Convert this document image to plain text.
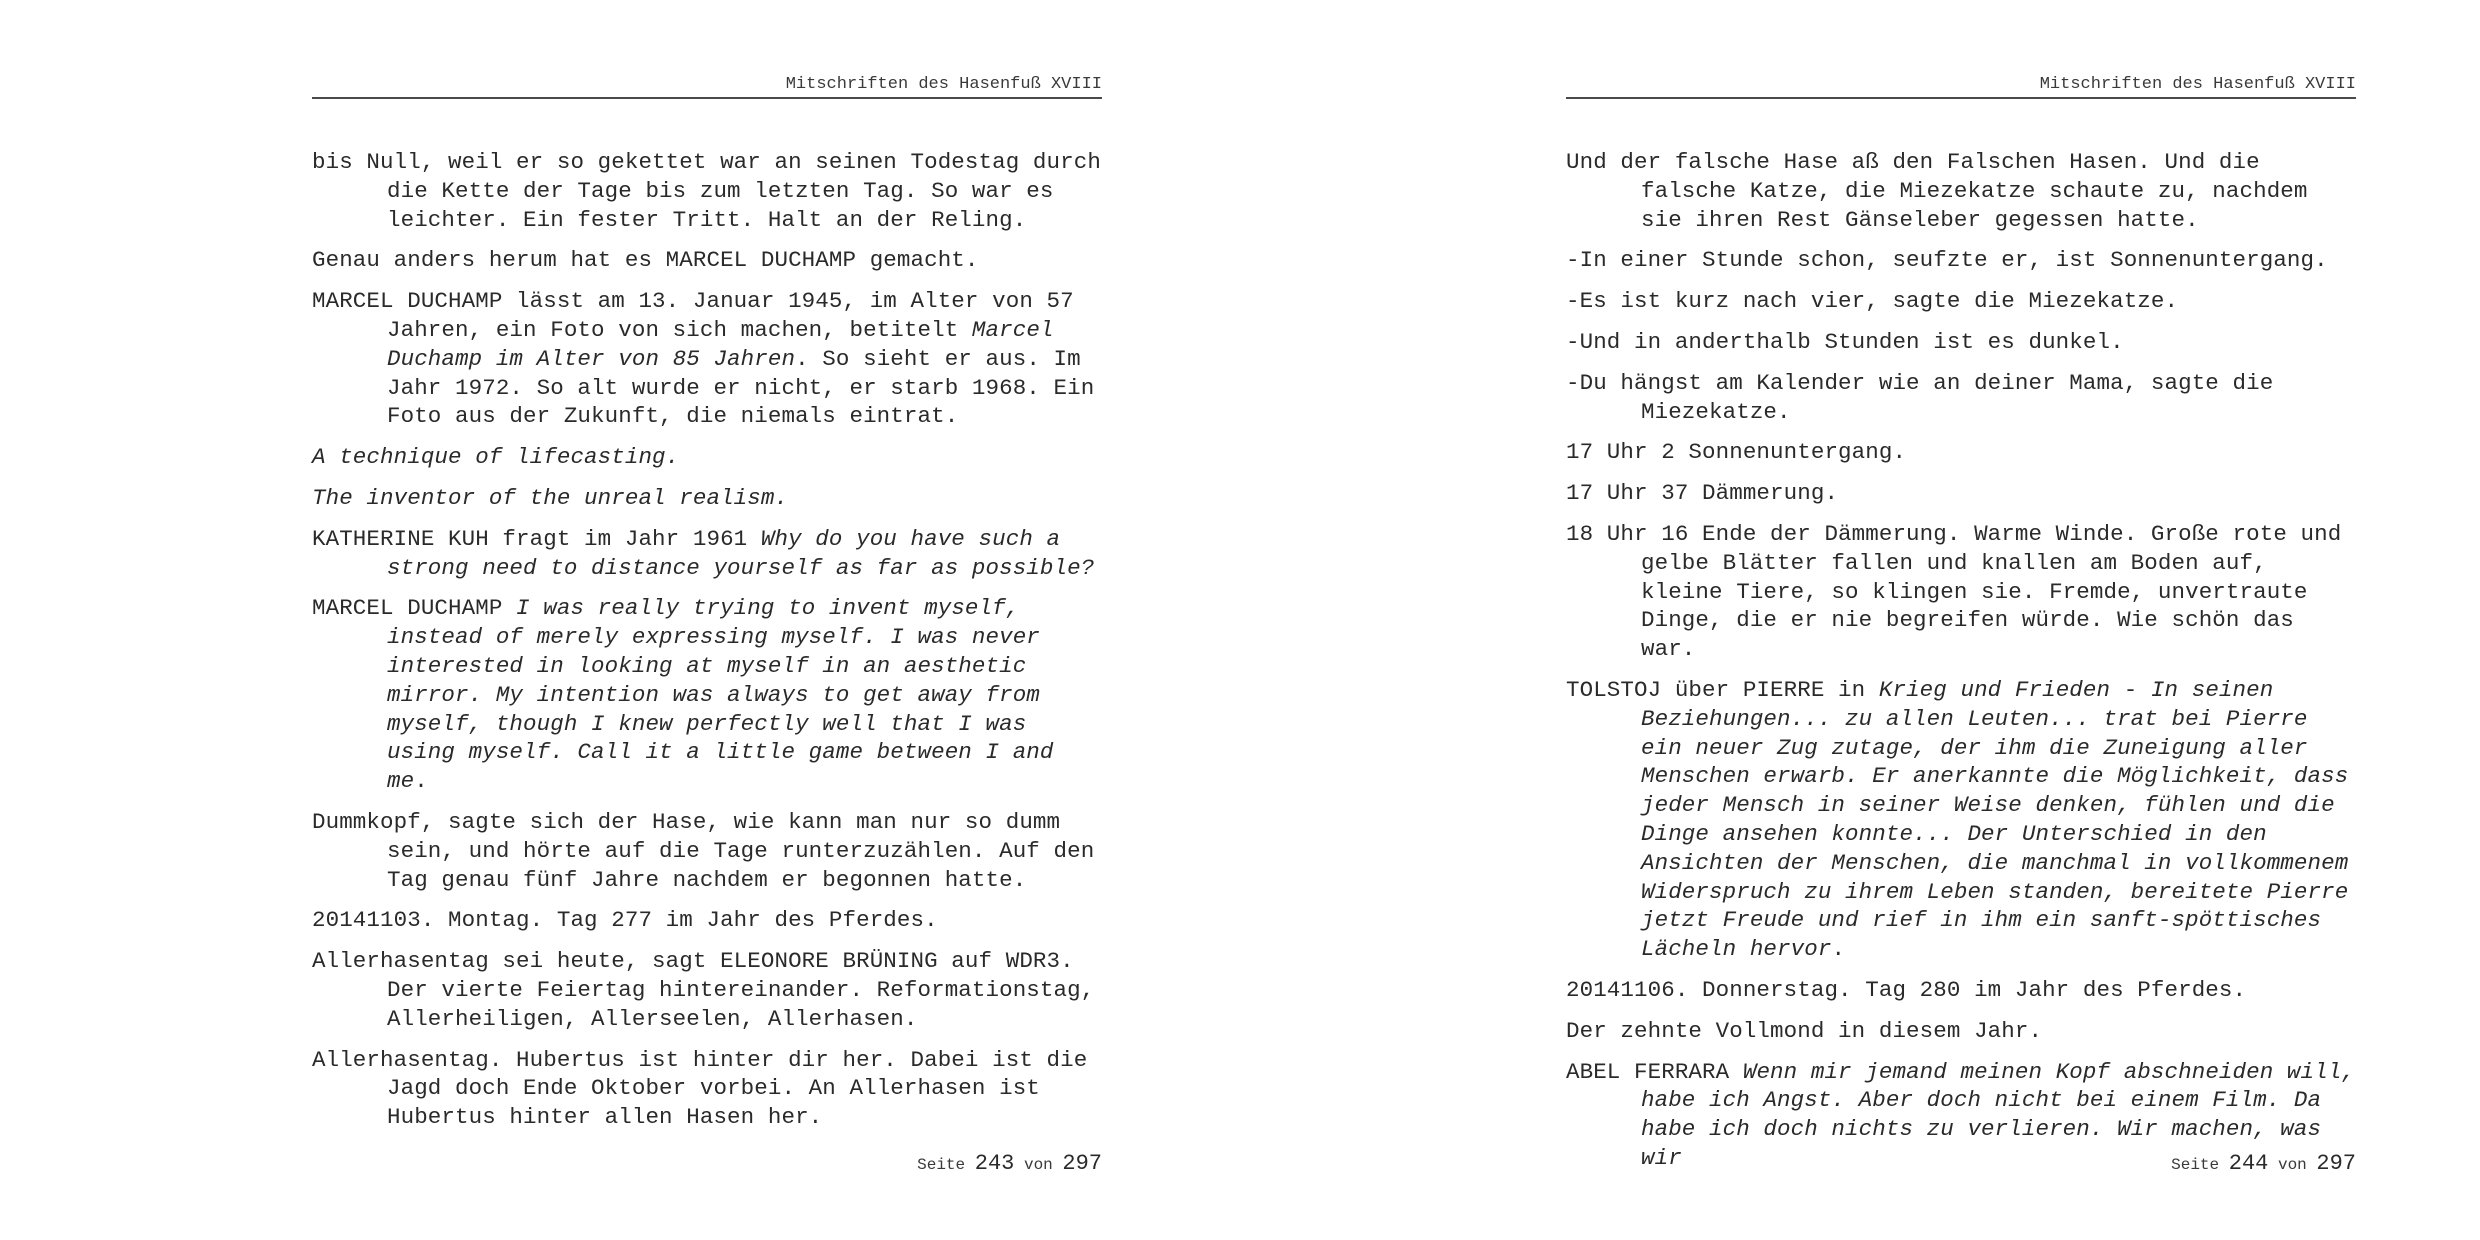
Mitschriften des Hasenfuß XVIII

bis Null, weil er so gekettet war an seinen Todestag durch die Kette der Tage bis zum letzten Tag. So war es leichter. Ein fester Tritt. Halt an der Reling.

Genau anders herum hat es MARCEL DUCHAMP gemacht.

MARCEL DUCHAMP lässt am 13. Januar 1945, im Alter von 57 Jahren, ein Foto von sich machen, betitelt Marcel Duchamp im Alter von 85 Jahren. So sieht er aus. Im Jahr 1972. So alt wurde er nicht, er starb 1968. Ein Foto aus der Zukunft, die niemals eintrat.

A technique of lifecasting.

The inventor of the unreal realism.

KATHERINE KUH fragt im Jahr 1961 Why do you have such a strong need to distance yourself as far as possible?

MARCEL DUCHAMP I was really trying to invent myself, instead of merely expressing myself. I was never interested in looking at myself in an aesthetic mirror. My intention was always to get away from myself, though I knew perfectly well that I was using myself. Call it a little game between I and me.

Dummkopf, sagte sich der Hase, wie kann man nur so dumm sein, und hörte auf die Tage runterzuzählen. Auf den Tag genau fünf Jahre nachdem er begonnen hatte.

20141103. Montag. Tag 277 im Jahr des Pferdes.

Allerhasentag sei heute, sagt ELEONORE BRÜNING auf WDR3. Der vierte Feiertag hintereinander. Reformationstag, Allerheiligen, Allerseelen, Allerhasen.

Allerhasentag. Hubertus ist hinter dir her. Dabei ist die Jagd doch Ende Oktober vorbei. An Allerhasen ist Hubertus hinter allen Hasen her.

Seite 243 von 297
Mitschriften des Hasenfuß XVIII

Und der falsche Hase aß den Falschen Hasen. Und die falsche Katze, die Miezekatze schaute zu, nachdem sie ihren Rest Gänseleber gegessen hatte.

-In einer Stunde schon, seufzte er, ist Sonnenuntergang.

-Es ist kurz nach vier, sagte die Miezekatze.

-Und in anderthalb Stunden ist es dunkel.

-Du hängst am Kalender wie an deiner Mama, sagte die Miezekatze.

17 Uhr 2 Sonnenuntergang.

17 Uhr 37 Dämmerung.

18 Uhr 16 Ende der Dämmerung. Warme Winde. Große rote und gelbe Blätter fallen und knallen am Boden auf, kleine Tiere, so klingen sie. Fremde, unvertraute Dinge, die er nie begreifen würde. Wie schön das war.

TOLSTOJ über PIERRE in Krieg und Frieden - In seinen Beziehungen... zu allen Leuten... trat bei Pierre ein neuer Zug zutage, der ihm die Zuneigung aller Menschen erwarb. Er anerkannte die Möglichkeit, dass jeder Mensch in seiner Weise denken, fühlen und die Dinge ansehen konnte... Der Unterschied in den Ansichten der Menschen, die manchmal in vollkommenem Widerspruch zu ihrem Leben standen, bereitete Pierre jetzt Freude und rief in ihm ein sanft-spöttisches Lächeln hervor.

20141106. Donnerstag. Tag 280 im Jahr des Pferdes.

Der zehnte Vollmond in diesem Jahr.

ABEL FERRARA Wenn mir jemand meinen Kopf abschneiden will, habe ich Angst. Aber doch nicht bei einem Film. Da habe ich doch nichts zu verlieren. Wir machen, was wir	Seite 244 von 297
